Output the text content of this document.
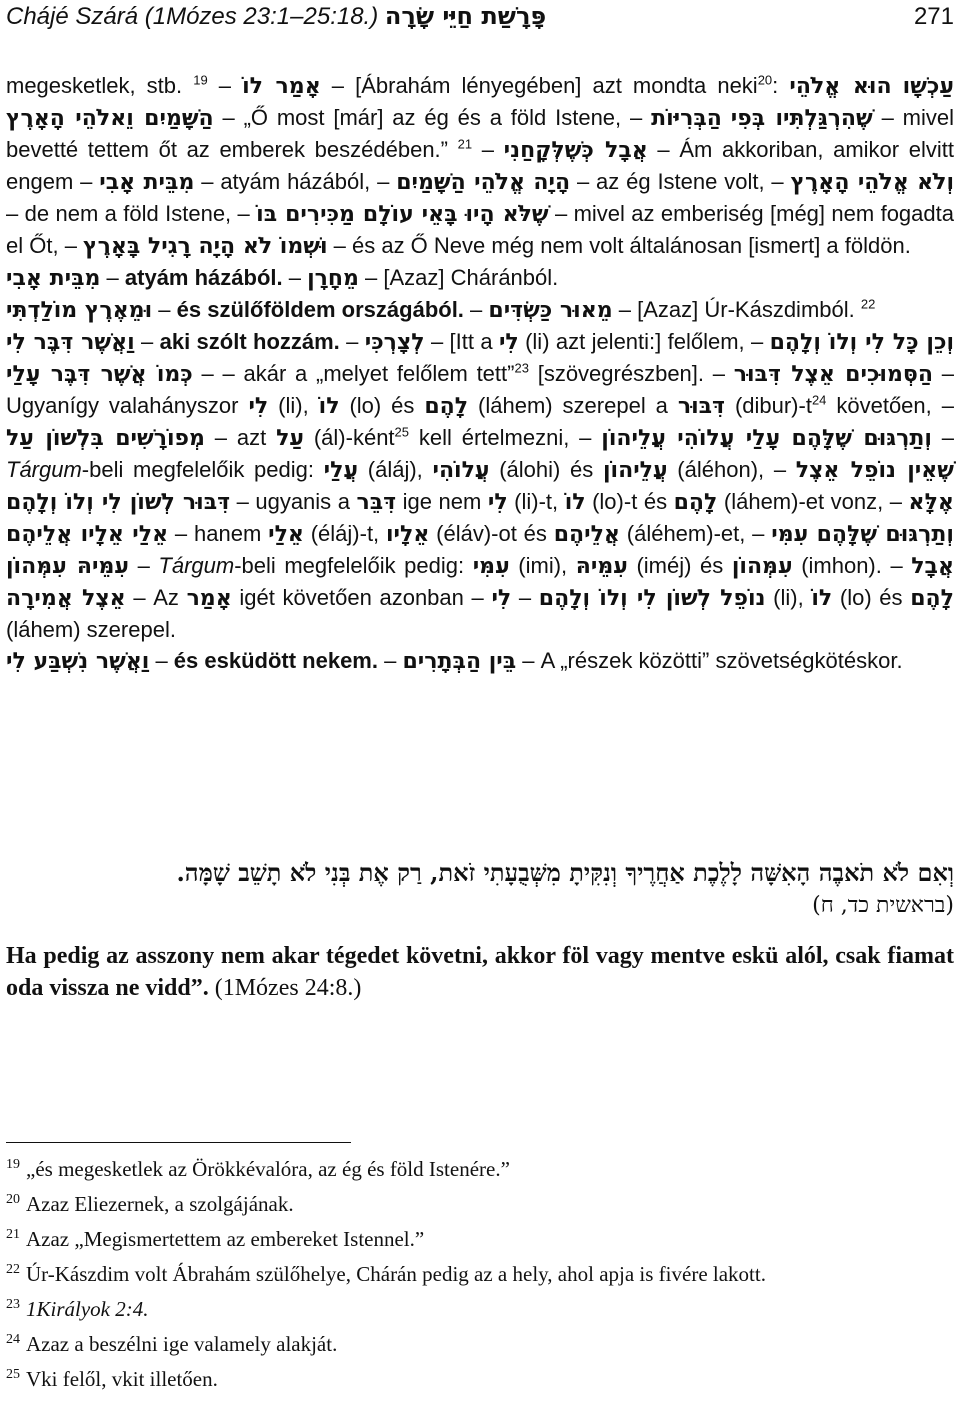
Chájé Szárá (1Mózes 23:1–25:18.) פָּרָשַׁת חַיֵּי שָׂרָה	271

megesketlek, stb. $^{19}$ – אָמַר לוֹ – [Ábrahám lényegében] azt mondta neki$^{20}$:	עַכְשָׁו הוּא אֱלֹהֵי הַשָּׁמַיִם וֵאלֹהֵי הָאָרֶץ – „Ő most [már] az ég és a föld Istene, –	שֶׁהִרְגַּלְתִּיו בְּפִי הַבְּרִיּוֹת	– mivel bevetté tettem őt az emberek beszédében.” $^{21}$ – אֲבָל כְּשֶׁלְּקָחַנִי – Ám akkoriban, amikor elvitt engem – מִבֵּית אָבִי – atyám házából, – הָיָה אֱלֹהֵי הַשָּׁמַיִם – az ég Istene volt, – וְלֹא אֱלֹהֵי הָאָרֶץ – de nem a föld Istene, – שֶׁלֹּא הָיוּ בָּאֵי עוֹלָם מַכִּירִים בּוֹ – mivel az emberiség [még] nem fogadta el Őt, – וּשְׁמוֹ לֹא הָיָה רָגִיל בָּאָרֶץ – és az Ő Neve még nem volt általánosan [ismert] a földön.

מִבֵּית אָבִי – atyám házából. – מֵחָרָן – [Azaz] Cháránból.

וּמֵאֶרֶץ מוֹלַדְתִּי – és szülőföldem országából. – מֵאוּר כַּשְׂדִּים – [Azaz] Úr-Kászdimból. $^{22}$

וַאֲשֶׁר דִּבֶּר לִי – aki szólt hozzám. – לְצָרְכִּי – [Itt a לִי (li) azt jelenti:] felőlem, – וְכֵן כָּל לִי וְלוֹ וְלָהֶם – כְּמוֹ אֲשֶׁר דִּבֶּר עָלַי – akár a „melyet felőlem tett”$^{23}$ [szövegrészben]. – הַסְּמוּכִים אֵצֶל דִּבּוּר – Ugyanígy valahányszor לִי (li), לוֹ (lo) és לָהֶם (láhem) szerepel a דִּבּוּר $(dibur)-t^{24}$ követően, – מְפוֹרָשִׁים בִּלְשׁוֹן עַל – azt עַל (ál)-ként$^{25}$ kell értelmezni, – וְתַרְגּוּם שֶׁלָּהֶם עָלַי עֲלוֹהִי עֲלֵיהוֹן – Tárgum-beli megfelelőik pedig: עֲלַי (áláj), עֲלוֹהִי (álohi) és עֲלֵיהוֹן (áléhon), – שֶׁאֵין נוֹפֵל אֵצֶל דִּבּוּר לְשׁוֹן לִי וְלוֹ וְלָהֶם – ugyanis a דִּבֵּר ige nem לִי (li)-t, לוֹ (lo)-t és לָהֶם (láhem)-et vonz, – אֶלָּא אֵלַי אֵלָיו אֲלֵיהֶם – hanem אֵלַי (éláj)-t, אֵלָיו (éláv)-ot és אֲלֵיהֶם (áléhem)-et, – וְתַרְגּוּם שֶׁלָּהֶם עִמִּי עִמֵּיהּ עִמְּהוֹן – Tárgum-beli megfelelőik pedig: עִמִּי (imi), עִמֵּיהּ (iméj) és עִמְּהוֹן (imhon). – אֲבָל אֵצֶל אֲמִירָה – Az אָמַר igét követően azonban – נוֹפֵל לְשׁוֹן לִי וְלוֹ וְלָהֶם – לִי	(li), לוֹ (lo) és לָהֶם (láhem) szerepel.

וַאֲשֶׁר נִשְׁבַּע לִי – és esküdött nekem. – בֵּין הַבְּתָרִים – A „részek közötti” szövetségkötéskor.

וְאִם לֹא תֹאבֶה הָאִשָּׁה לָלֶכֶת אַחֲרֶיךָ וְנִקִּיתָ מִשְּׁבֻעָתִי זֹאת, רַק אֶת בְּנִי לֹא תָשֵׁב שָׁמָּה.
(בראשית כד, ח)
Ha pedig az asszony nem akar tégedet követni, akkor föl vagy mentve eskü alól, csak fiamat oda vissza ne vidd”. (1Mózes 24:8.)
$^{19}$ „és megesketlek az Örökkévalóra, az ég és föld Istenére.”
$^{20}$ Azaz Eliezernek, a szolgájának.
$^{21}$ Azaz „Megismertettem az embereket Istennel.”
$^{22}$ Úr-Kászdim volt Ábrahám szülőhelye, Chárán pedig az a hely, ahol apja is fivére lakott.
$^{23}$ 1Királyok 2:4.
$^{24}$ Azaz a beszélni ige valamely alakját.
$^{25}$ Vki felől, vkit illetően.
